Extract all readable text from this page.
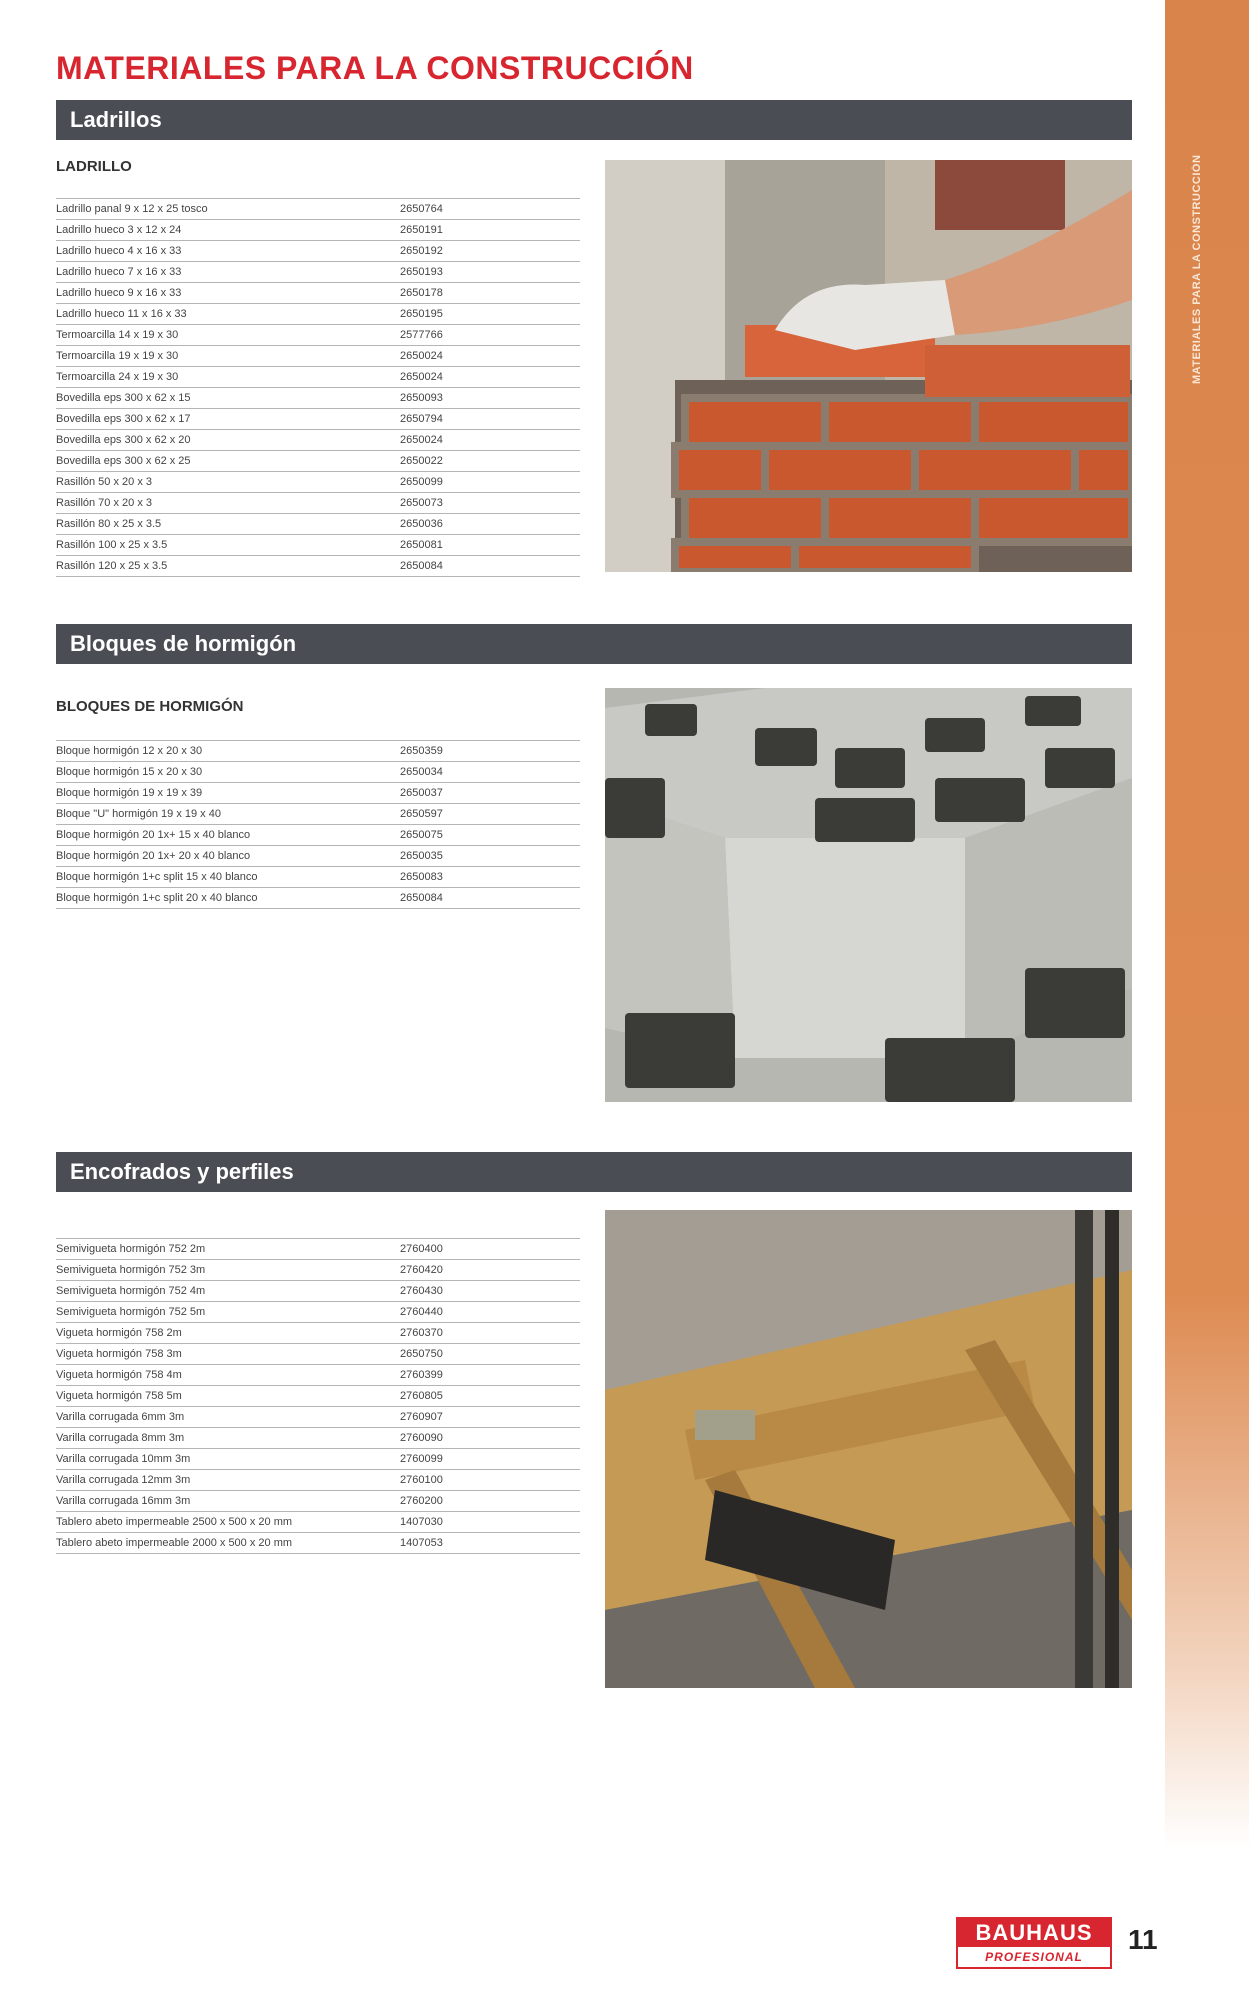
MATERIALES PARA LA CONSTRUCCIÓN
MATERIALES PARA LA CONSTRUCCIÓN
Ladrillos
LADRILLO
Ladrillo panal 9 x 12 x 25 tosco	2650764
Ladrillo hueco 3 x 12 x 24	2650191
Ladrillo hueco 4 x 16 x 33	2650192
Ladrillo hueco 7 x 16 x 33	2650193
Ladrillo hueco 9 x 16 x 33	2650178
Ladrillo hueco 11 x 16 x 33	2650195
Termoarcilla 14 x 19 x 30	2577766
Termoarcilla 19 x 19 x 30	2650024
Termoarcilla 24 x 19 x 30	2650024
Bovedilla eps 300 x 62 x 15	2650093
Bovedilla eps 300 x 62 x 17	2650794
Bovedilla eps 300 x 62 x 20	2650024
Bovedilla eps 300 x 62 x 25	2650022
Rasillón 50 x 20 x 3	2650099
Rasillón 70 x 20 x 3	2650073
Rasillón 80 x 25 x 3.5	2650036
Rasillón 100 x 25 x 3.5	2650081
Rasillón 120 x 25 x 3.5	2650084
Bloques de hormigón
BLOQUES DE HORMIGÓN
Bloque hormigón 12 x 20 x 30	2650359
Bloque hormigón 15 x 20 x 30	2650034
Bloque hormigón 19 x 19 x 39	2650037
Bloque "U" hormigón 19 x 19 x 40	2650597
Bloque hormigón 20 1x+ 15 x 40 blanco	2650075
Bloque hormigón 20 1x+ 20 x 40 blanco	2650035
Bloque hormigón 1+c split 15 x 40 blanco	2650083
Bloque hormigón 1+c split 20 x 40 blanco	2650084
Encofrados y perfiles
Semivigueta hormigón 752 2m	2760400
Semivigueta hormigón 752 3m	2760420
Semivigueta hormigón 752 4m	2760430
Semivigueta hormigón 752 5m	2760440
Vigueta hormigón 758 2m	2760370
Vigueta hormigón 758 3m	2650750
Vigueta hormigón 758 4m	2760399
Vigueta hormigón 758 5m	2760805
Varilla corrugada 6mm 3m	2760907
Varilla corrugada 8mm 3m	2760090
Varilla corrugada 10mm 3m	2760099
Varilla corrugada 12mm 3m	2760100
Varilla corrugada 16mm 3m	2760200
Tablero abeto impermeable 2500 x 500 x 20 mm	1407030
Tablero abeto impermeable 2000 x 500 x 20 mm	1407053
BAUHAUS
PROFESIONAL
11
